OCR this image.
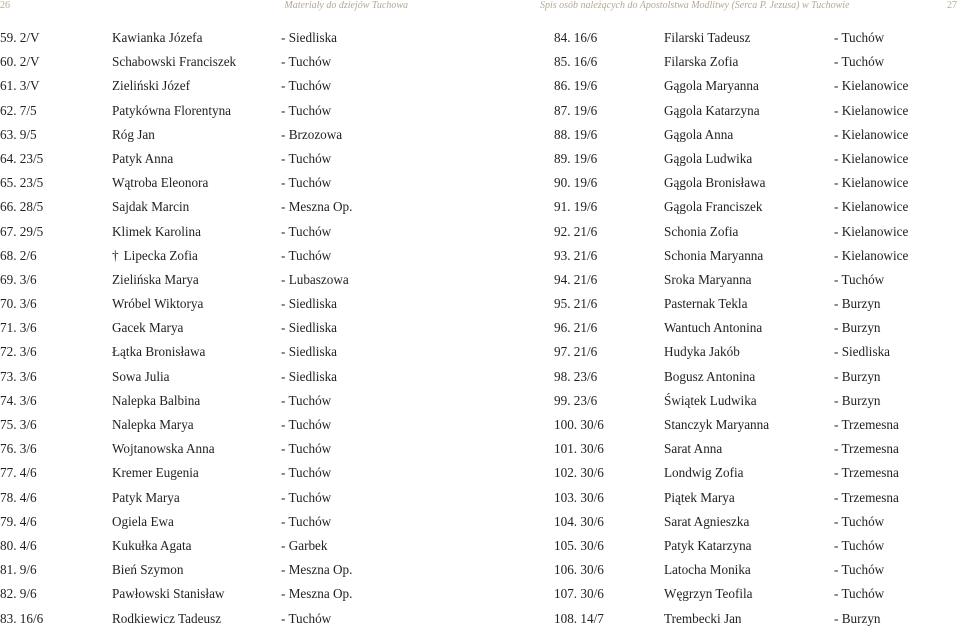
26	Materiały do dziejów Tuchowa
59. 2/V	Kawianka Józefa	- Siedliska
60. 2/V	Schabowski Franciszek	- Tuchów
61. 3/V	Zieliński Józef	- Tuchów
62. 7/5	Patykówna Florentyna	- Tuchów
63. 9/5	Róg Jan	- Brzozowa
64. 23/5	Patyk Anna	- Tuchów
65. 23/5	Wątroba Eleonora	- Tuchów
66. 28/5	Sajdak Marcin	- Meszna Op.
67. 29/5	Klimek Karolina	- Tuchów
68. 2/6	† Lipecka Zofia	- Tuchów
69. 3/6	Zielińska Marya	- Lubaszowa
70. 3/6	Wróbel Wiktorya	- Siedliska
71. 3/6	Gacek Marya	- Siedliska
72. 3/6	Łątka Bronisława	- Siedliska
73. 3/6	Sowa Julia	- Siedliska
74. 3/6	Nalepka Balbina	- Tuchów
75. 3/6	Nalepka Marya	- Tuchów
76. 3/6	Wojtanowska Anna	- Tuchów
77. 4/6	Kremer Eugenia	- Tuchów
78. 4/6	Patyk Marya	- Tuchów
79. 4/6	Ogiela Ewa	- Tuchów
80. 4/6	Kukułka Agata	- Garbek
81. 9/6	Bień Szymon	- Meszna Op.
82. 9/6	Pawłowski Stanisław	- Meszna Op.
83. 16/6	Rodkiewicz Tadeusz	- Tuchów
Spis osób należących do Apostolstwa Modlitwy (Serca P. Jezusa) w Tuchowie	27
84. 16/6	Filarski Tadeusz	- Tuchów
85. 16/6	Filarska Zofia	- Tuchów
86. 19/6	Gągola Maryanna	- Kielanowice
87. 19/6	Gągola Katarzyna	- Kielanowice
88. 19/6	Gągola Anna	- Kielanowice
89. 19/6	Gągola Ludwika	- Kielanowice
90. 19/6	Gągola Bronisława	- Kielanowice
91. 19/6	Gągola Franciszek	- Kielanowice
92. 21/6	Schonia Zofia	- Kielanowice
93. 21/6	Schonia Maryanna	- Kielanowice
94. 21/6	Sroka Maryanna	- Tuchów
95. 21/6	Pasternak Tekla	- Burzyn
96. 21/6	Wantuch Antonina	- Burzyn
97. 21/6	Hudyka Jakób	- Siedliska
98. 23/6	Bogusz Antonina	- Burzyn
99. 23/6	Świątek Ludwika	- Burzyn
100. 30/6	Stanczyk Maryanna	- Trzemesna
101. 30/6	Sarat Anna	- Trzemesna
102. 30/6	Londwig Zofia	- Trzemesna
103. 30/6	Piątek Marya	- Trzemesna
104. 30/6	Sarat Agnieszka	- Tuchów
105. 30/6	Patyk Katarzyna	- Tuchów
106. 30/6	Latocha Monika	- Tuchów
107. 30/6	Węgrzyn Teofila	- Tuchów
108. 14/7	Trembecki Jan	- Burzyn
